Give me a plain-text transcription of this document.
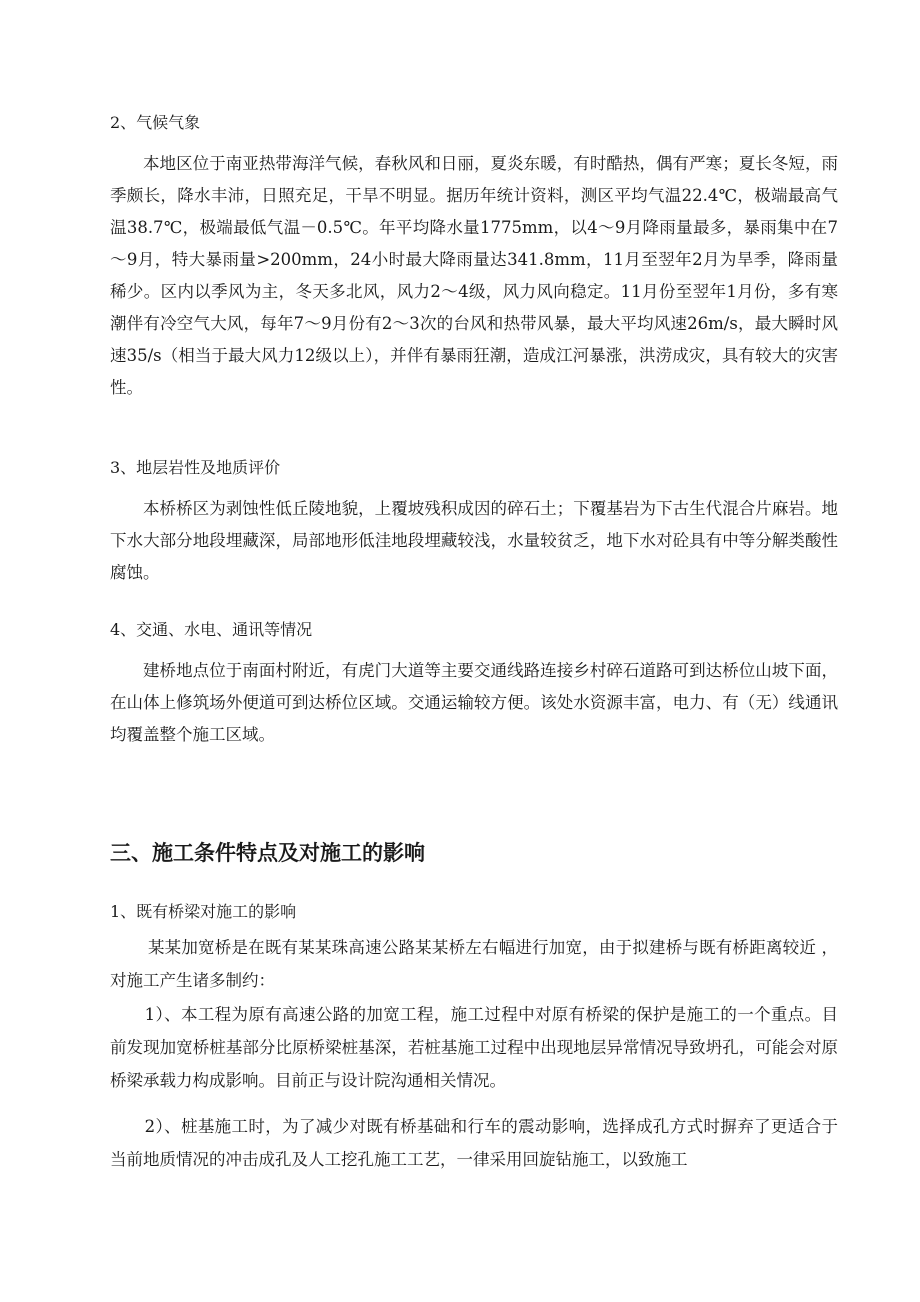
2、气候气象

本地区位于南亚热带海洋气候，春秋风和日丽，夏炎东暖，有时酷热，偶有严寒；夏长冬短，雨季颇长，降水丰沛，日照充足，干旱不明显。据历年统计资料，测区平均气温22.4℃，极端最高气温38.7℃，极端最低气温－0.5℃。年平均降水量1775mm，以4～9月降雨量最多，暴雨集中在7～9月，特大暴雨量>200mm，24小时最大降雨量达341.8mm，11月至翌年2月为旱季，降雨量稀少。区内以季风为主，冬天多北风，风力2～4级，风力风向稳定。11月份至翌年1月份，多有寒潮伴有冷空气大风，每年7～9月份有2～3次的台风和热带风暴，最大平均风速26m/s，最大瞬时风速35/s（相当于最大风力12级以上），并伴有暴雨狂潮，造成江河暴涨，洪涝成灾，具有较大的灾害性。

3、地层岩性及地质评价

本桥桥区为剥蚀性低丘陵地貌，上覆坡残积成因的碎石土；下覆基岩为下古生代混合片麻岩。地下水大部分地段埋藏深，局部地形低洼地段埋藏较浅，水量较贫乏，地下水对砼具有中等分解类酸性腐蚀。

4、交通、水电、通讯等情况

建桥地点位于南面村附近，有虎门大道等主要交通线路连接乡村碎石道路可到达桥位山坡下面，在山体上修筑场外便道可到达桥位区域。交通运输较方便。该处水资源丰富，电力、有（无）线通讯均覆盖整个施工区域。

三、施工条件特点及对施工的影响
1、既有桥梁对施工的影响

某某加宽桥是在既有某某珠高速公路某某桥左右幅进行加宽，由于拟建桥与既有桥距离较近 ，对施工产生诸多制约：

1）、本工程为原有高速公路的加宽工程，施工过程中对原有桥梁的保护是施工的一个重点。目前发现加宽桥桩基部分比原桥梁桩基深，若桩基施工过程中出现地层异常情况导致坍孔，可能会对原桥梁承载力构成影响。目前正与设计院沟通相关情况。

2）、桩基施工时，为了减少对既有桥基础和行车的震动影响，选择成孔方式时摒弃了更适合于当前地质情况的冲击成孔及人工挖孔施工工艺，一律采用回旋钻施工，以致施工
